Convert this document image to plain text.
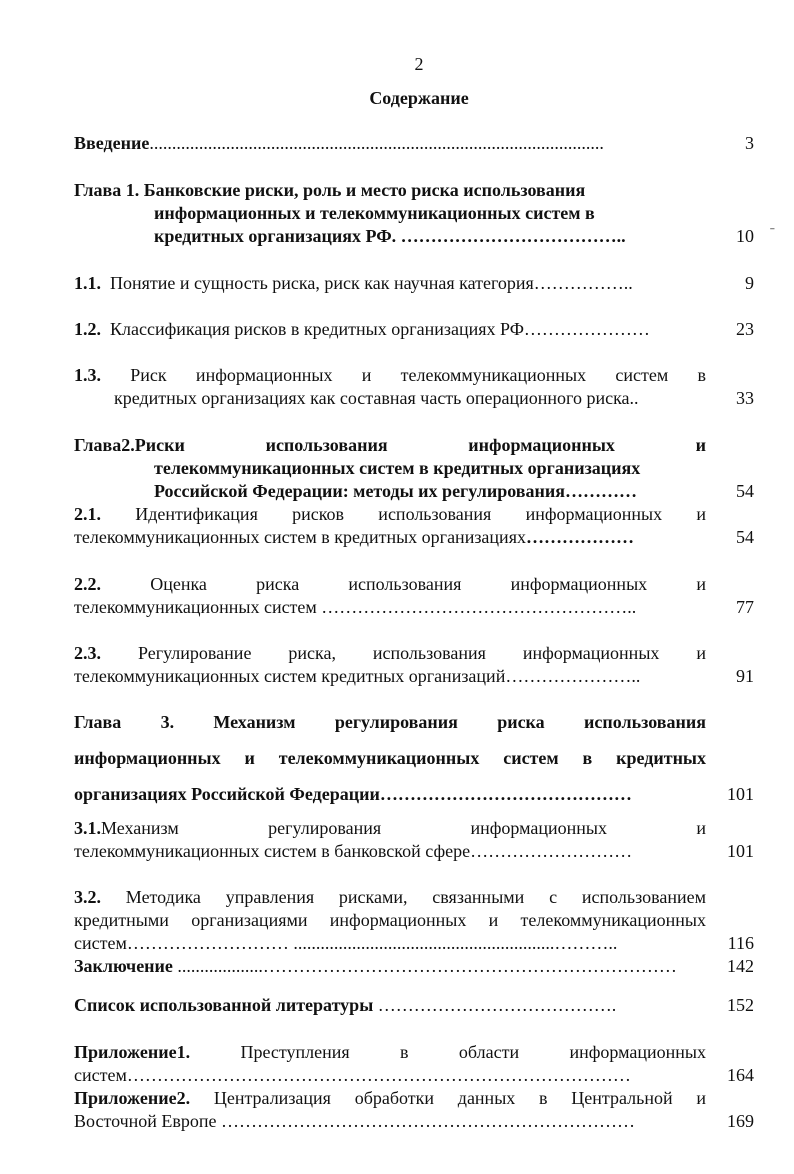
2
Содержание
Введение.....................................................................................................	3
Глава 1. Банковские риски, роль и место риска использования
информационных и телекоммуникационных систем в
кредитных организациях РФ. ………………………………..	10 ˉ
1.1. Понятие и сущность риска, риск как научная категория……………..	9
1.2. Классификация рисков в кредитных организациях РФ…………………	23
1.3. Риск информационных и телекоммуникационных систем в
кредитных организациях как составная часть операционного риска..	33
Глава2.Риски использования информационных и
телекоммуникационных систем в кредитных организациях
Российской Федерации: методы их регулирования…………	54
2.1. Идентификация рисков использования информационных и
телекоммуникационных систем в кредитных организациях………………	54
2.2.	Оценка риска использования информационных и
телекоммуникационных систем ……………………………………………..	77
2.3. Регулирование риска, использования информационных и
телекоммуникационных систем кредитных организаций…………………..	91
Глава 3. Механизм регулирования риска использования
информационных и телекоммуникационных систем в кредитных
организациях Российской Федерации……………………………………	101
3.1.Механизм регулирования информационных и
телекоммуникационных систем в банковской сфере………………………	101
3.2. Методика управления рисками, связанными с использованием
кредитными организациями информационных и телекоммуникационных
систем……………………… ..........................................................………..	116
Заключение ...................……………………………………………………………	142
Список использованной литературы ………………………………….	152
Приложение1.	Преступления в области информационных
систем…………………………………………………………………………	164
Приложение2. Централизация обработки данных в Центральной и
Восточной Европе ……………………………………………………………	169
